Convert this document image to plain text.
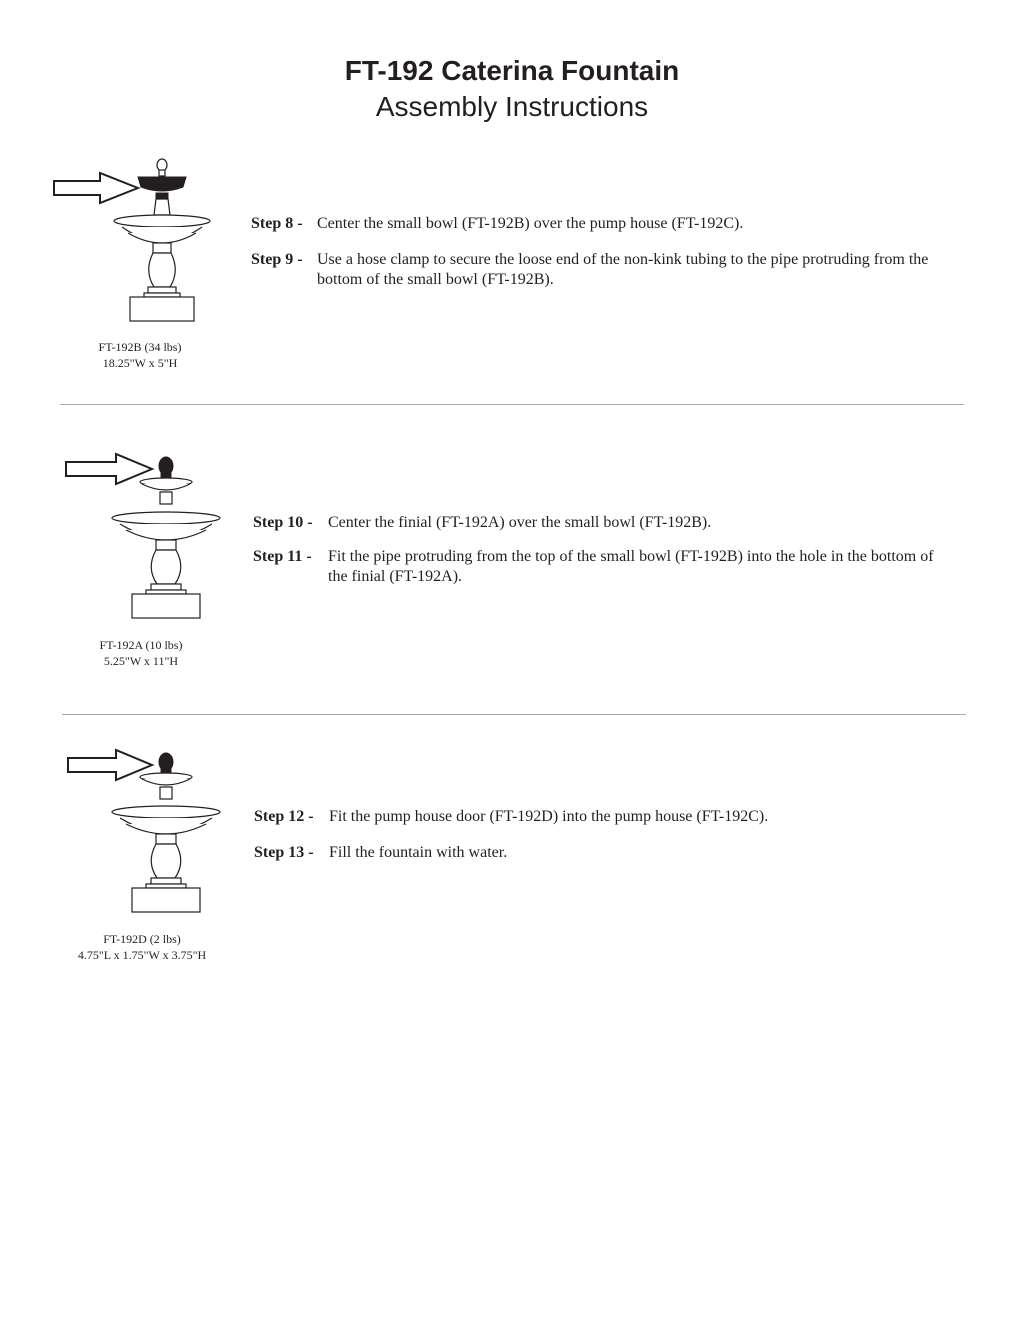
FT-192 Caterina Fountain
Assembly Instructions
FT-192B (34 lbs)
18.25"W x 5"H
Step 8 - Center the small bowl (FT-192B) over the pump house (FT-192C).
Step 9 - Use a hose clamp to secure the loose end of the non-kink tubing to the pipe protruding from the bottom of the small bowl (FT-192B).
FT-192A (10 lbs)
5.25"W x 11"H
Step 10 - Center the finial (FT-192A) over the small bowl (FT-192B).
Step 11 -	Fit the pipe protruding from the top of the small bowl (FT-192B) into the hole in the bottom of the finial (FT-192A).
FT-192D (2 lbs)
4.75"L x 1.75"W x 3.75"H
Step 12 - Fit the pump house door (FT-192D) into the pump house (FT-192C).
Step 13 - Fill the fountain with water.
